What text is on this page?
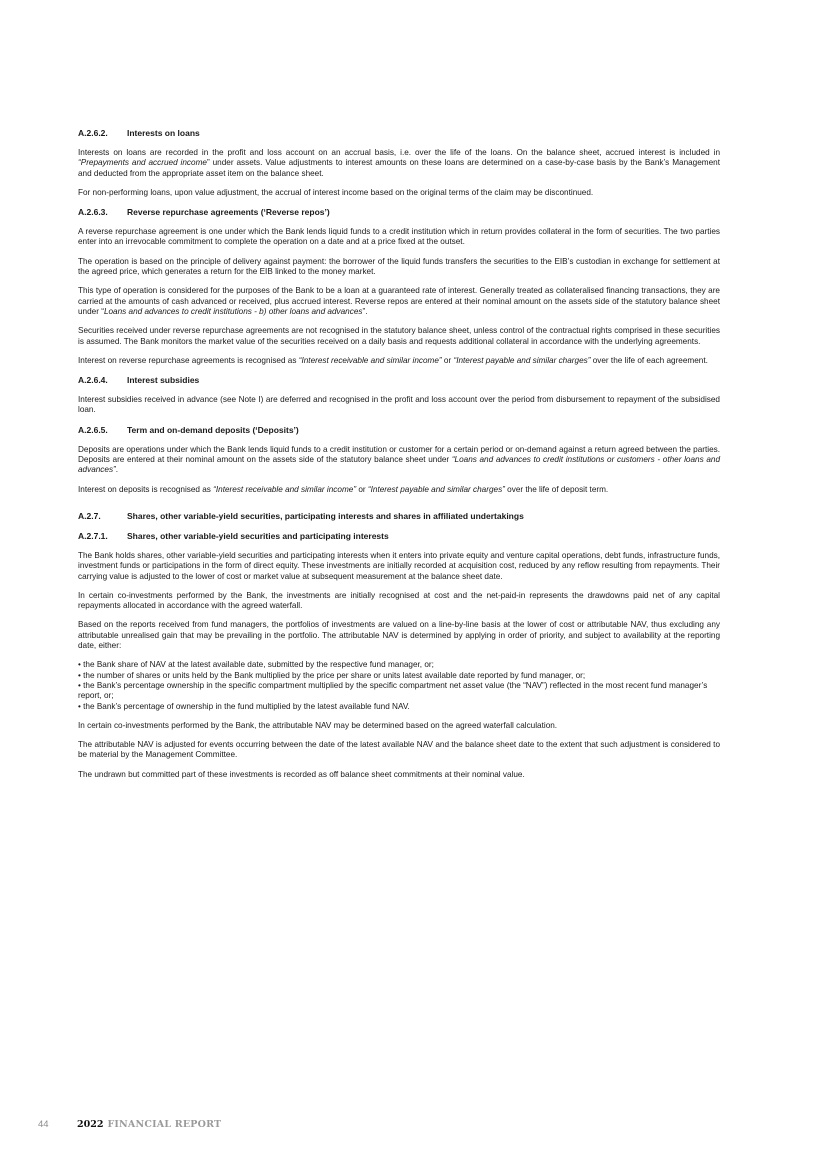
A.2.6.2. Interests on loans
Interests on loans are recorded in the profit and loss account on an accrual basis, i.e. over the life of the loans. On the balance sheet, accrued interest is included in “Prepayments and accrued income” under assets. Value adjustments to interest amounts on these loans are determined on a case-by-case basis by the Bank’s Management and deducted from the appropriate asset item on the balance sheet.
For non-performing loans, upon value adjustment, the accrual of interest income based on the original terms of the claim may be discontinued.
A.2.6.3. Reverse repurchase agreements (‘Reverse repos’)
A reverse repurchase agreement is one under which the Bank lends liquid funds to a credit institution which in return provides collateral in the form of securities. The two parties enter into an irrevocable commitment to complete the operation on a date and at a price fixed at the outset.
The operation is based on the principle of delivery against payment: the borrower of the liquid funds transfers the securities to the EIB’s custodian in exchange for settlement at the agreed price, which generates a return for the EIB linked to the money market.
This type of operation is considered for the purposes of the Bank to be a loan at a guaranteed rate of interest. Generally treated as collateralised financing transactions, they are carried at the amounts of cash advanced or received, plus accrued interest. Reverse repos are entered at their nominal amount on the assets side of the statutory balance sheet under “Loans and advances to credit institutions - b) other loans and advances”.
Securities received under reverse repurchase agreements are not recognised in the statutory balance sheet, unless control of the contractual rights comprised in these securities is assumed. The Bank monitors the market value of the securities received on a daily basis and requests additional collateral in accordance with the underlying agreements.
Interest on reverse repurchase agreements is recognised as “Interest receivable and similar income” or “Interest payable and similar charges” over the life of each agreement.
A.2.6.4. Interest subsidies
Interest subsidies received in advance (see Note I) are deferred and recognised in the profit and loss account over the period from disbursement to repayment of the subsidised loan.
A.2.6.5. Term and on-demand deposits (‘Deposits’)
Deposits are operations under which the Bank lends liquid funds to a credit institution or customer for a certain period or on-demand against a return agreed between the parties. Deposits are entered at their nominal amount on the assets side of the statutory balance sheet under “Loans and advances to credit institutions or customers - other loans and advances”.
Interest on deposits is recognised as “Interest receivable and similar income” or “Interest payable and similar charges” over the life of deposit term.
A.2.7.	Shares, other variable-yield securities, participating interests and shares in affiliated undertakings
A.2.7.1. Shares, other variable-yield securities and participating interests
The Bank holds shares, other variable-yield securities and participating interests when it enters into private equity and venture capital operations, debt funds, infrastructure funds, investment funds or participations in the form of direct equity. These investments are initially recorded at acquisition cost, reduced by any reflow resulting from repayments. Their carrying value is adjusted to the lower of cost or market value at subsequent measurement at the balance sheet date.
In certain co-investments performed by the Bank, the investments are initially recognised at cost and the net-paid-in represents the drawdowns paid net of any capital repayments allocated in accordance with the agreed waterfall.
Based on the reports received from fund managers, the portfolios of investments are valued on a line-by-line basis at the lower of cost or attributable NAV, thus excluding any attributable unrealised gain that may be prevailing in the portfolio. The attributable NAV is determined by applying in order of priority, and subject to availability at the reporting date, either:
• the Bank share of NAV at the latest available date, submitted by the respective fund manager, or;
• the number of shares or units held by the Bank multiplied by the price per share or units latest available date reported by fund manager, or;
• the Bank’s percentage ownership in the specific compartment multiplied by the specific compartment net asset value (the “NAV”) reflected in the most recent fund manager’s report, or;
• the Bank’s percentage of ownership in the fund multiplied by the latest available fund NAV.
In certain co-investments performed by the Bank, the attributable NAV may be determined based on the agreed waterfall calculation.
The attributable NAV is adjusted for events occurring between the date of the latest available NAV and the balance sheet date to the extent that such adjustment is considered to be material by the Management Committee.
The undrawn but committed part of these investments is recorded as off balance sheet commitments at their nominal value.
44	2022 FINANCIAL REPORT
